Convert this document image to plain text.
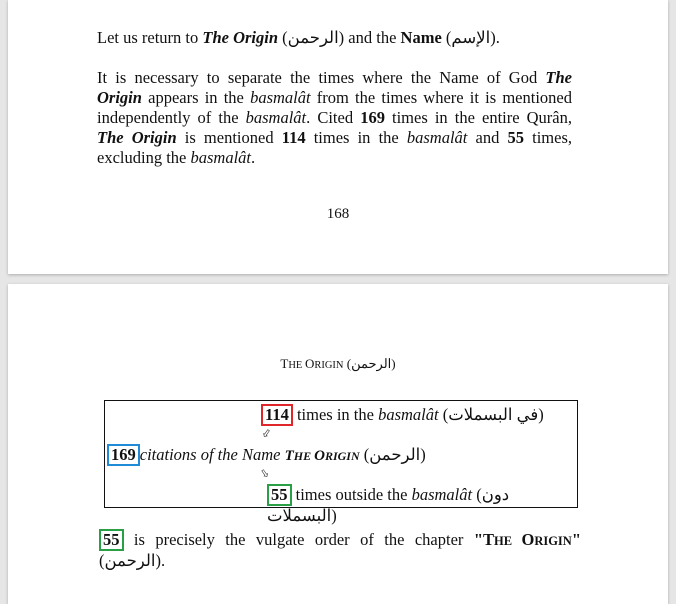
Let us return to The Origin (الرحمن) and the Name (الإسم).
It is necessary to separate the times where the Name of God The Origin appears in the basmalât from the times where it is mentioned independently of the basmalât. Cited 169 times in the entire Qurân, The Origin is mentioned 114 times in the basmalât and 55 times, excluding the basmalât.
168
THE ORIGIN (الرحمن)
114 times in the basmalât (في البسملات)
⇩
169 citations of the Name THE ORIGIN (الرحمن)
⇩
55 times outside the basmalât (دون البسملات)
55 is precisely the vulgate order of the chapter "THE ORIGIN" (الرحمن).
